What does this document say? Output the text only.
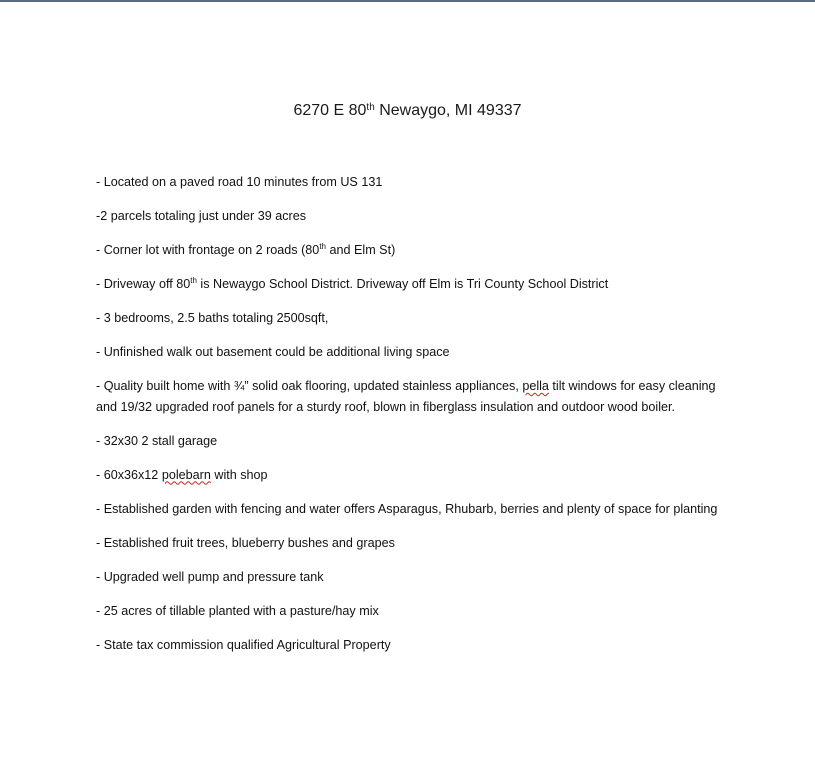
6270 E 80th Newaygo, MI 49337
- Located on a paved road 10 minutes from US 131
-2 parcels totaling just under 39 acres
- Corner lot with frontage on 2 roads (80th and Elm St)
- Driveway off 80th is Newaygo School District. Driveway off Elm is Tri County School District
- 3 bedrooms, 2.5 baths totaling 2500sqft,
- Unfinished walk out basement could be additional living space
- Quality built home with ¾” solid oak flooring, updated stainless appliances, pella tilt windows for easy cleaning and 19/32 upgraded roof panels for a sturdy roof, blown in fiberglass insulation and outdoor wood boiler.
- 32x30 2 stall garage
- 60x36x12 polebarn with shop
- Established garden with fencing and water offers Asparagus, Rhubarb, berries and plenty of space for planting
- Established fruit trees, blueberry bushes and grapes
- Upgraded well pump and pressure tank
- 25 acres of tillable planted with a pasture/hay mix
- State tax commission qualified Agricultural Property
